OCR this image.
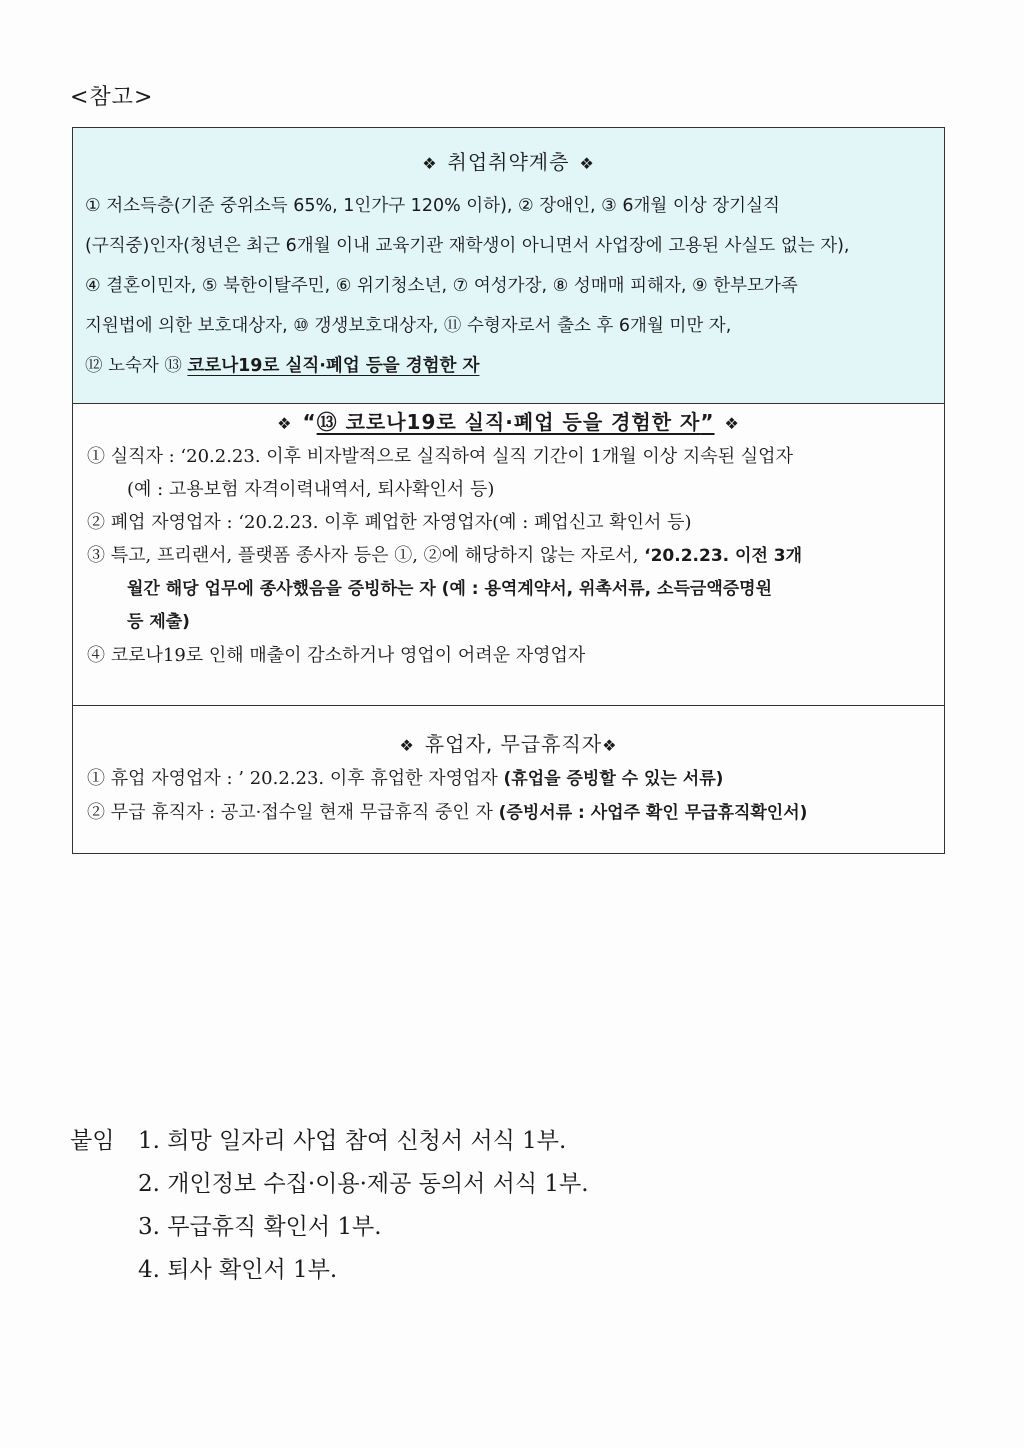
<참고>
❖ 취업취약계층 ❖
① 저소득층(기준 중위소득 65%, 1인가구 120% 이하), ② 장애인, ③ 6개월 이상 장기실직
(구직중)인자(청년은 최근 6개월 이내 교육기관 재학생이 아니면서 사업장에 고용된 사실도 없는 자),
④ 결혼이민자, ⑤ 북한이탈주민, ⑥ 위기청소년, ⑦ 여성가장, ⑧ 성매매 피해자, ⑨ 한부모가족
지원법에 의한 보호대상자, ⑩ 갱생보호대상자, ⑪ 수형자로서 출소 후 6개월 미만 자,
⑫ 노숙자 ⑬ 코로나19로 실직·폐업 등을 경험한 자
❖ “⑬ 코로나19로 실직·폐업 등을 경험한 자” ❖
① 실직자 : ‘20.2.23. 이후 비자발적으로 실직하여 실직 기간이 1개월 이상 지속된 실업자
(예 : 고용보험 자격이력내역서, 퇴사확인서 등)
② 폐업 자영업자 : ‘20.2.23. 이후 폐업한 자영업자(예 : 폐업신고 확인서 등)
③ 특고, 프리랜서, 플랫폼 종사자 등은 ①, ②에 해당하지 않는 자로서, ‘20.2.23. 이전 3개
월간 해당 업무에 종사했음을 증빙하는 자 (예 : 용역계약서, 위촉서류, 소득금액증명원
등 제출)
④ 코로나19로 인해 매출이 감소하거나 영업이 어려운 자영업자
❖ 휴업자, 무급휴직자❖
① 휴업 자영업자 : ’ 20.2.23. 이후 휴업한 자영업자 (휴업을 증빙할 수 있는 서류)
② 무급 휴직자 : 공고·접수일 현재 무급휴직 중인 자 (증빙서류 : 사업주 확인 무급휴직확인서)
붙임 1. 희망 일자리 사업 참여 신청서 서식 1부.
2. 개인정보 수집·이용·제공 동의서 서식 1부.
3. 무급휴직 확인서 1부.
4. 퇴사 확인서 1부.
